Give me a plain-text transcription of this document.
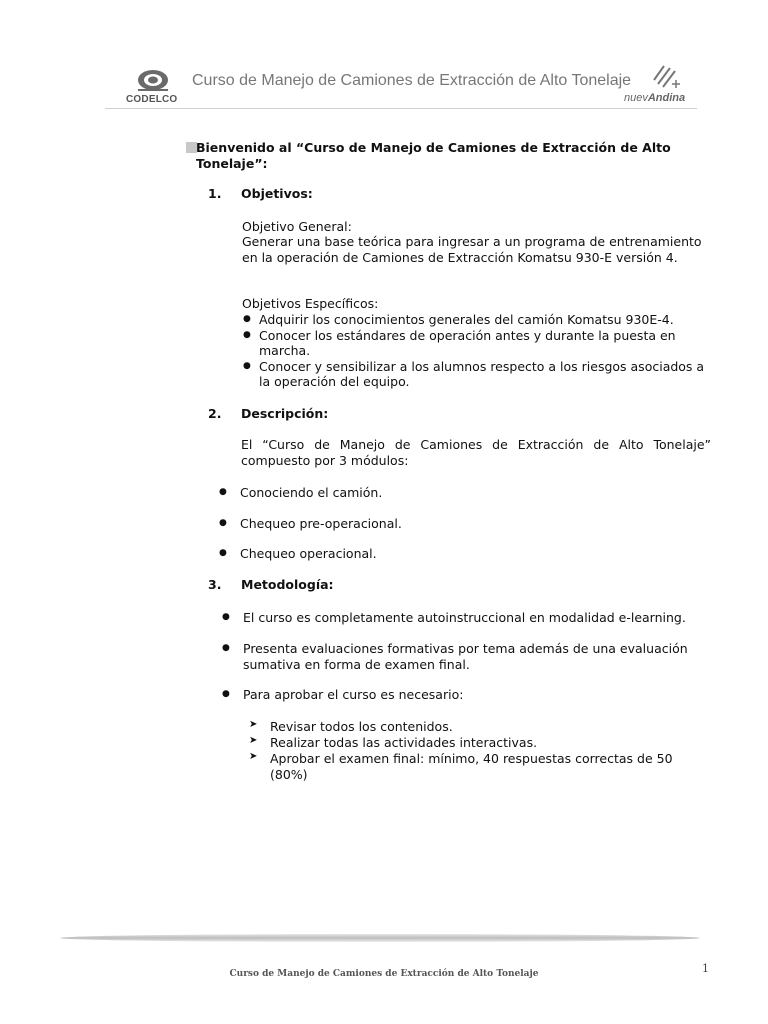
CODELCO
Curso de Manejo de Camiones de Extracción de Alto Tonelaje
nuevAndina
Bienvenido al “Curso de Manejo de Camiones de Extracción de Alto
Tonelaje”:
1. Objetivos:
Objetivo General:
Generar una base teórica para ingresar a un programa de entrenamiento
en la operación de Camiones de Extracción Komatsu 930-E versión 4.
Objetivos Específicos:
● Adquirir los conocimientos generales del camión Komatsu 930E-4.
● Conocer los estándares de operación antes y durante la puesta en
marcha.
● Conocer y sensibilizar a los alumnos respecto a los riesgos asociados a
la operación del equipo.
2. Descripción:
El “Curso de Manejo de Camiones de Extracción de Alto Tonelaje”
compuesto por 3 módulos:
● Conociendo el camión.
● Chequeo pre-operacional.
● Chequeo operacional.
3. Metodología:
● El curso es completamente autoinstruccional en modalidad e-learning.
● Presenta evaluaciones formativas por tema además de una evaluación
sumativa en forma de examen final.
● Para aprobar el curso es necesario:
➤ Revisar todos los contenidos.
➤ Realizar todas las actividades interactivas.
➤ Aprobar el examen final: mínimo, 40 respuestas correctas de 50
(80%)
Curso de Manejo de Camiones de Extracción de Alto Tonelaje	1
